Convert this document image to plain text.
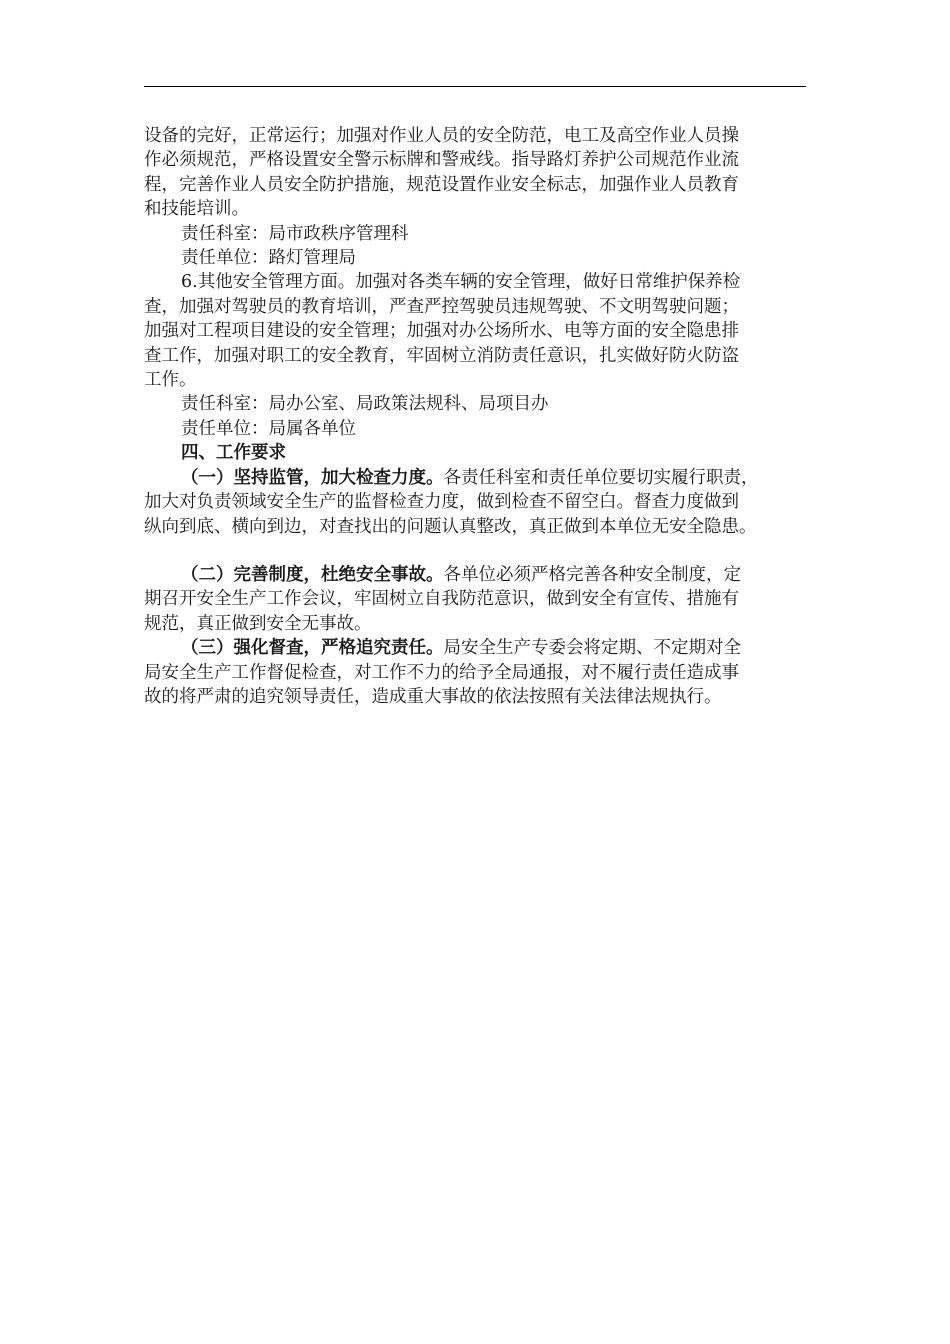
设备的完好，正常运行；加强对作业人员的安全防范，电工及高空作业人员操
作必须规范，严格设置安全警示标牌和警戒线。指导路灯养护公司规范作业流
程，完善作业人员安全防护措施，规范设置作业安全标志，加强作业人员教育
和技能培训。
责任科室：局市政秩序管理科
责任单位：路灯管理局
6.其他安全管理方面。加强对各类车辆的安全管理，做好日常维护保养检
查，加强对驾驶员的教育培训，严查严控驾驶员违规驾驶、不文明驾驶问题；
加强对工程项目建设的安全管理；加强对办公场所水、电等方面的安全隐患排
查工作，加强对职工的安全教育，牢固树立消防责任意识，扎实做好防火防盗
工作。
责任科室：局办公室、局政策法规科、局项目办
责任单位：局属各单位
四、工作要求
（一）坚持监管，加大检查力度。各责任科室和责任单位要切实履行职责，
加大对负责领域安全生产的监督检查力度，做到检查不留空白。督查力度做到
纵向到底、横向到边，对查找出的问题认真整改，真正做到本单位无安全隐患。
（二）完善制度，杜绝安全事故。各单位必须严格完善各种安全制度，定
期召开安全生产工作会议，牢固树立自我防范意识，做到安全有宣传、措施有
规范，真正做到安全无事故。
（三）强化督查，严格追究责任。局安全生产专委会将定期、不定期对全
局安全生产工作督促检查，对工作不力的给予全局通报，对不履行责任造成事
故的将严肃的追究领导责任，造成重大事故的依法按照有关法律法规执行。
